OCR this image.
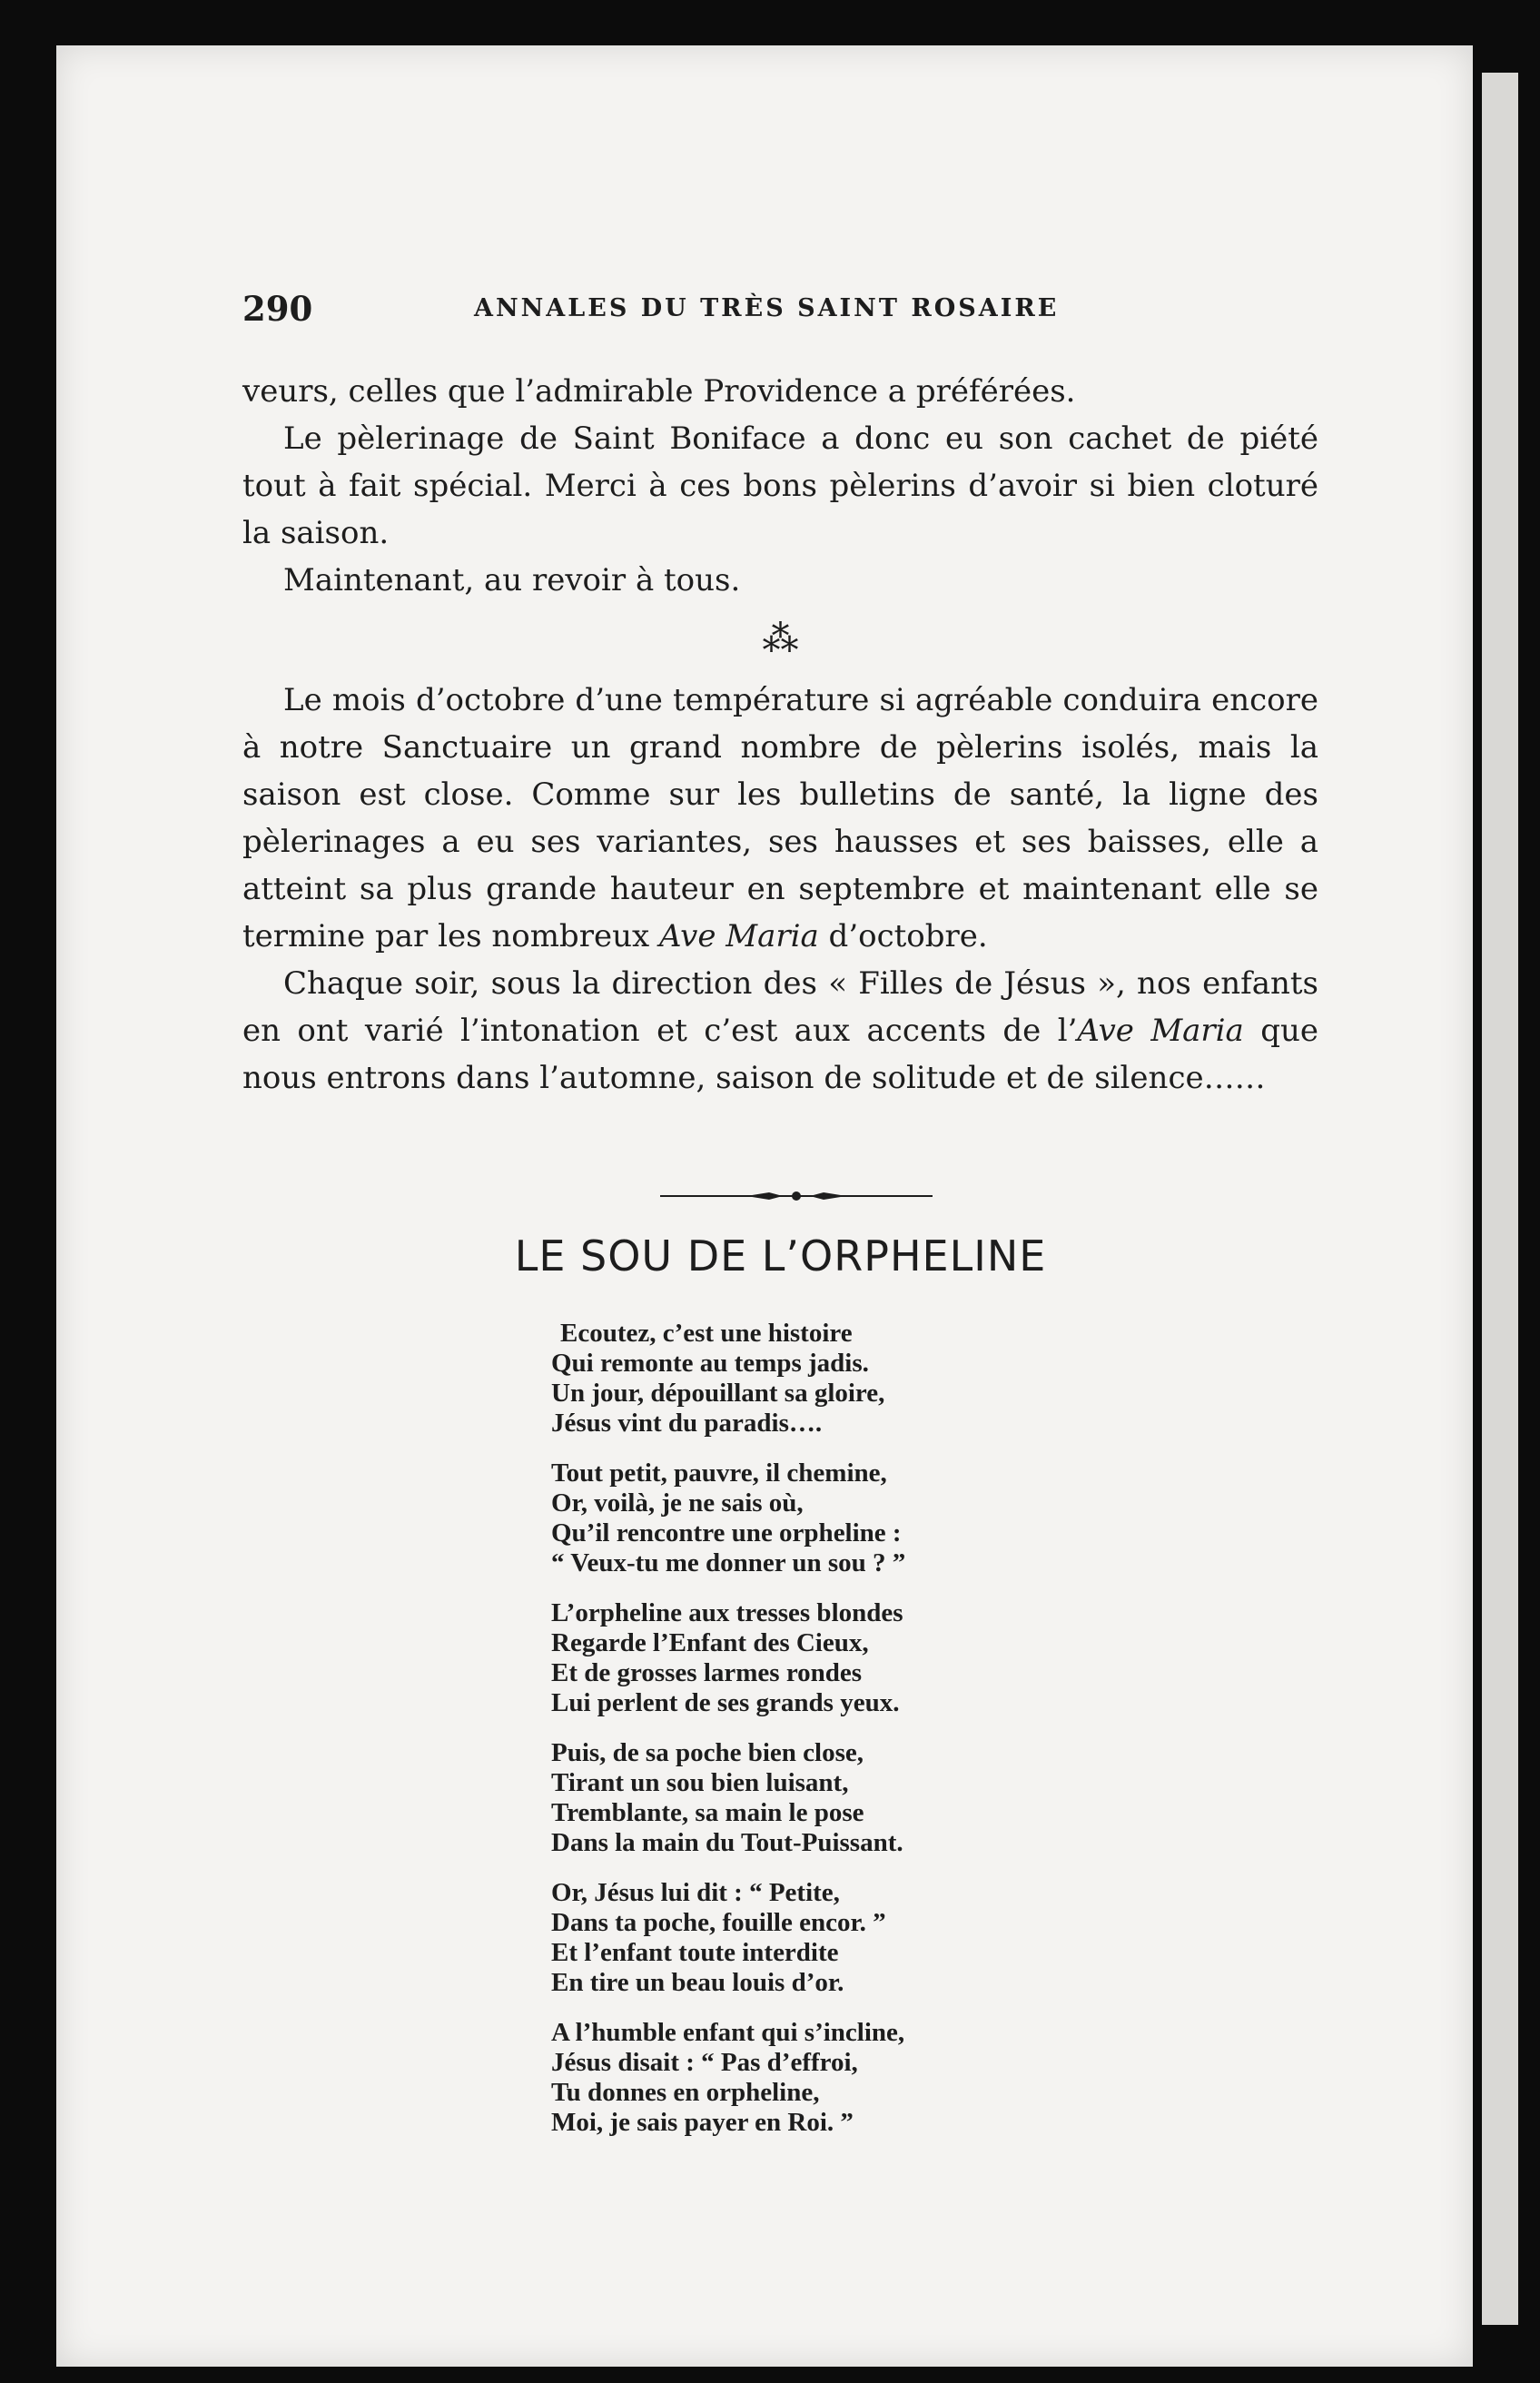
290	ANNALES DU TRÈS SAINT ROSAIRE

veurs, celles que l’admirable Providence a préférées.

Le pèlerinage de Saint Boniface a donc eu son cachet de piété tout à fait spécial. Merci à ces bons pèlerins d’avoir si bien cloturé la saison.

Maintenant, au revoir à tous.

⁂

Le mois d’octobre d’une température si agréable conduira encore à notre Sanctuaire un grand nombre de pèlerins isolés, mais la saison est close. Comme sur les bulletins de santé, la ligne des pèlerinages a eu ses variantes, ses hausses et ses baisses, elle a atteint sa plus grande hauteur en septembre et maintenant elle se termine par les nombreux Ave Maria d’octobre.

Chaque soir, sous la direction des « Filles de Jésus », nos enfants en ont varié l’intonation et c’est aux accents de l’Ave Maria que nous entrons dans l’automne, saison de solitude et de silence……

LE SOU DE L’ORPHELINE
Ecoutez, c’est une histoire
Qui remonte au temps jadis.
Un jour, dépouillant sa gloire,
Jésus vint du paradis….
Tout petit, pauvre, il chemine,
Or, voilà, je ne sais où,
Qu’il rencontre une orpheline :
“ Veux-tu me donner un sou ? ”
L’orpheline aux tresses blondes
Regarde l’Enfant des Cieux,
Et de grosses larmes rondes
Lui perlent de ses grands yeux.
Puis, de sa poche bien close,
Tirant un sou bien luisant,
Tremblante, sa main le pose
Dans la main du Tout-Puissant.
Or, Jésus lui dit : “ Petite,
Dans ta poche, fouille encor. ”
Et l’enfant toute interdite
En tire un beau louis d’or.
A l’humble enfant qui s’incline,
Jésus disait : “ Pas d’effroi,
Tu donnes en orpheline,
Moi, je sais payer en Roi. ”
